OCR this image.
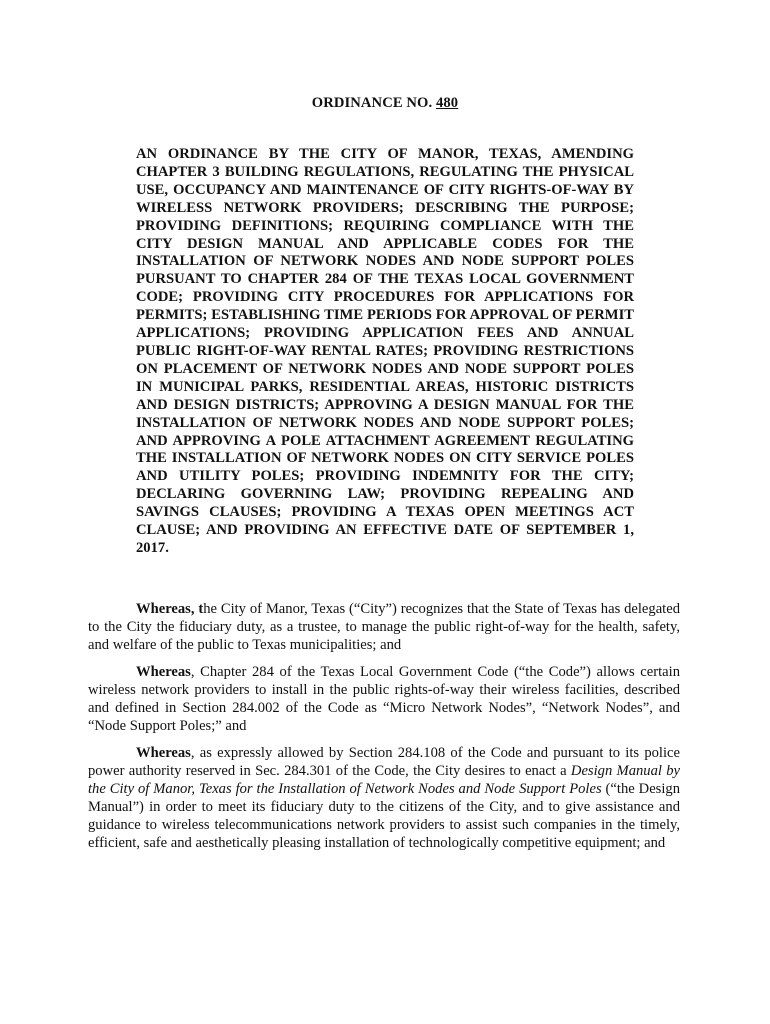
ORDINANCE NO. 480

AN ORDINANCE BY THE CITY OF MANOR, TEXAS, AMENDING CHAPTER 3 BUILDING REGULATIONS, REGULATING THE PHYSICAL USE, OCCUPANCY AND MAINTENANCE OF CITY RIGHTS-OF-WAY BY WIRELESS NETWORK PROVIDERS; DESCRIBING THE PURPOSE; PROVIDING DEFINITIONS; REQUIRING COMPLIANCE WITH THE CITY DESIGN MANUAL AND APPLICABLE CODES FOR THE INSTALLATION OF NETWORK NODES AND NODE SUPPORT POLES PURSUANT TO CHAPTER 284 OF THE TEXAS LOCAL GOVERNMENT CODE; PROVIDING CITY PROCEDURES FOR APPLICATIONS FOR PERMITS; ESTABLISHING TIME PERIODS FOR APPROVAL OF PERMIT APPLICATIONS; PROVIDING APPLICATION FEES AND ANNUAL PUBLIC RIGHT-OF-WAY RENTAL RATES; PROVIDING RESTRICTIONS ON PLACEMENT OF NETWORK NODES AND NODE SUPPORT POLES IN MUNICIPAL PARKS, RESIDENTIAL AREAS, HISTORIC DISTRICTS AND DESIGN DISTRICTS; APPROVING A DESIGN MANUAL FOR THE INSTALLATION OF NETWORK NODES AND NODE SUPPORT POLES; AND APPROVING A POLE ATTACHMENT AGREEMENT REGULATING THE INSTALLATION OF NETWORK NODES ON CITY SERVICE POLES AND UTILITY POLES; PROVIDING INDEMNITY FOR THE CITY; DECLARING GOVERNING LAW; PROVIDING REPEALING AND SAVINGS CLAUSES; PROVIDING A TEXAS OPEN MEETINGS ACT CLAUSE; AND PROVIDING AN EFFECTIVE DATE OF SEPTEMBER 1, 2017.

Whereas, the City of Manor, Texas (“City”) recognizes that the State of Texas has delegated to the City the fiduciary duty, as a trustee, to manage the public right-of-way for the health, safety, and welfare of the public to Texas municipalities; and

Whereas, Chapter 284 of the Texas Local Government Code (“the Code”) allows certain wireless network providers to install in the public rights-of-way their wireless facilities, described and defined in Section 284.002 of the Code as “Micro Network Nodes”, “Network Nodes”, and “Node Support Poles;” and

Whereas, as expressly allowed by Section 284.108 of the Code and pursuant to its police power authority reserved in Sec. 284.301 of the Code, the City desires to enact a Design Manual by the City of Manor, Texas for the Installation of Network Nodes and Node Support Poles (“the Design Manual”) in order to meet its fiduciary duty to the citizens of the City, and to give assistance and guidance to wireless telecommunications network providers to assist such companies in the timely, efficient, safe and aesthetically pleasing installation of technologically competitive equipment; and
